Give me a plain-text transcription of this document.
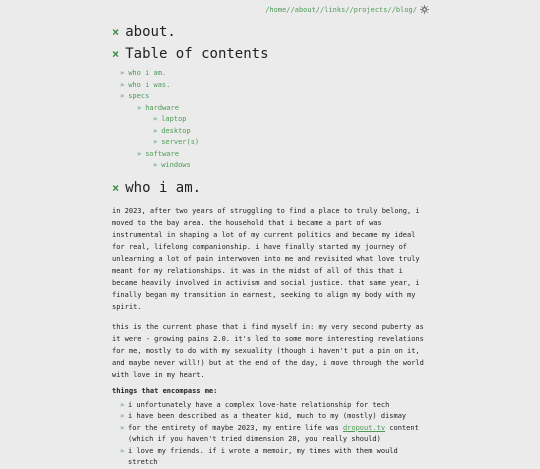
/home/ /about/ /links/ /projects/ /blog/
× about.
× Table of contents
» who i am.
» who i was.
» specs
» hardware
» laptop
» desktop
» server(s)
» software
» windows
× who i am.

in 2023, after two years of struggling to find a place to truly belong, i moved to the bay area. the household that i became a part of was instrumental in shaping a lot of my current politics and became my ideal for real, lifelong companionship. i have finally started my journey of unlearning a lot of pain interwoven into me and revisited what love truly meant for my relationships. it was in the midst of all of this that i became heavily involved in activism and social justice. that same year, i finally began my transition in earnest, seeking to align my body with my spirit.

this is the current phase that i find myself in: my very second puberty as it were - growing pains 2.0. it's led to some more interesting revelations for me, mostly to do with my sexuality (though i haven't put a pin on it, and maybe never will!) but at the end of the day, i move through the world with love in my heart.

things that encompass me:
» i unfortunately have a complex love-hate relationship for tech
» i have been described as a theater kid, much to my (mostly) dismay
» for the entirety of maybe 2023, my entire life was dropout.tv content (which if you haven't tried dimension 20, you really should)
» i love my friends. if i wrote a memoir, my times with them would stretch
